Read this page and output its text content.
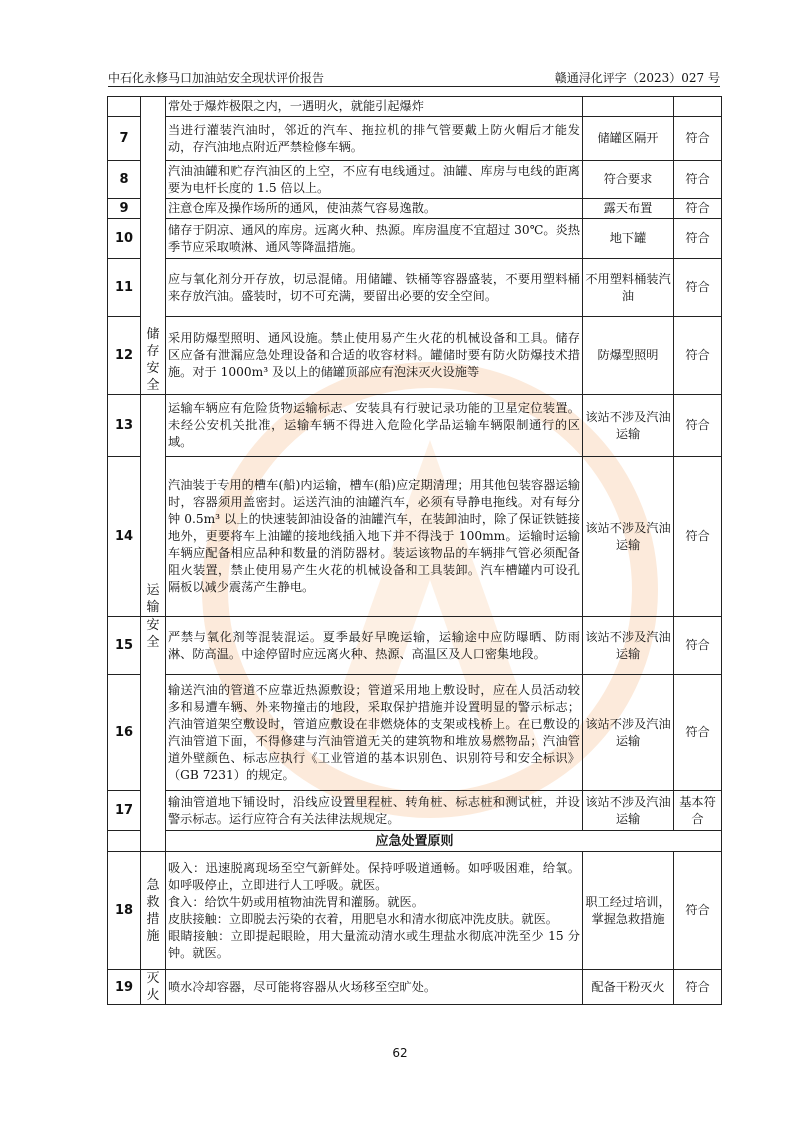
中石化永修马口加油站安全现状评价报告	赣通浔化评字（2023）027 号

	储存安全	常处于爆炸极限之内，一遇明火，就能引起爆炸		
7		当进行灌装汽油时，邻近的汽车、拖拉机的排气管要戴上防火帽后才能发动，存汽油地点附近严禁检修车辆。	储罐区隔开	符合
8		汽油油罐和贮存汽油区的上空，不应有电线通过。油罐、库房与电线的距离要为电杆长度的 1.5 倍以上。	符合要求	符合
9		注意仓库及操作场所的通风，使油蒸气容易逸散。	露天布置	符合
10		储存于阴凉、通风的库房。远离火种、热源。库房温度不宜超过 30℃。炎热季节应采取喷淋、通风等降温措施。	地下罐	符合
11		应与氧化剂分开存放，切忌混储。用储罐、铁桶等容器盛装，不要用塑料桶来存放汽油。盛装时，切不可充满，要留出必要的安全空间。	不用塑料桶装汽油	符合
12		采用防爆型照明、通风设施。禁止使用易产生火花的机械设备和工具。储存区应备有泄漏应急处理设备和合适的收容材料。罐储时要有防火防爆技术措施。对于 1000m³ 及以上的储罐顶部应有泡沫灭火设施等	防爆型照明	符合
13	运输	运输车辆应有危险货物运输标志、安装具有行驶记录功能的卫星定位装置。未经公安机关批准，运输车辆不得进入危险化学品运输车辆限制通行的区域。	该站不涉及汽油运输	符合
14		汽油装于专用的槽车(船)内运输，槽车(船)应定期清理；用其他包装容器运输时，容器须用盖密封。运送汽油的油罐汽车，必须有导静电拖线。对有每分钟 0.5m³ 以上的快速装卸油设备的油罐汽车，在装卸油时，除了保证铁链接地外，更要将车上油罐的接地线插入地下并不得浅于 100mm。运输时运输车辆应配备相应品种和数量的消防器材。装运该物品的车辆排气管必须配备阻火装置，禁止使用易产生火花的机械设备和工具装卸。汽车槽罐内可设孔隔板以减少震荡产生静电。	该站不涉及汽油运输	符合
15	安全	严禁与氧化剂等混装混运。夏季最好早晚运输，运输途中应防曝晒、防雨淋、防高温。中途停留时应远离火种、热源、高温区及人口密集地段。	该站不涉及汽油运输	符合
16		输送汽油的管道不应靠近热源敷设；管道采用地上敷设时，应在人员活动较多和易遭车辆、外来物撞击的地段，采取保护措施并设置明显的警示标志；汽油管道架空敷设时，管道应敷设在非燃烧体的支架或栈桥上。在已敷设的汽油管道下面，不得修建与汽油管道无关的建筑物和堆放易燃物品；汽油管道外壁颜色、标志应执行《工业管道的基本识别色、识别符号和安全标识》（GB 7231）的规定。	该站不涉及汽油运输	符合
17		输油管道地下铺设时，沿线应设置里程桩、转角桩、标志桩和测试桩，并设警示标志。运行应符合有关法律法规规定。	该站不涉及汽油运输	基本符合
应急处置原则				
18	急救措施	吸入：迅速脱离现场至空气新鲜处。保持呼吸道通畅。如呼吸困难，给氧。如呼吸停止，立即进行人工呼吸。就医。
食入：给饮牛奶或用植物油洗胃和灌肠。就医。
皮肤接触：立即脱去污染的衣着，用肥皂水和清水彻底冲洗皮肤。就医。
眼睛接触：立即提起眼睑，用大量流动清水或生理盐水彻底冲洗至少 15 分钟。就医。	职工经过培训，掌握急救措施	符合
19	灭火	喷水冷却容器，尽可能将容器从火场移至空旷处。	配备干粉灭火	符合
62
